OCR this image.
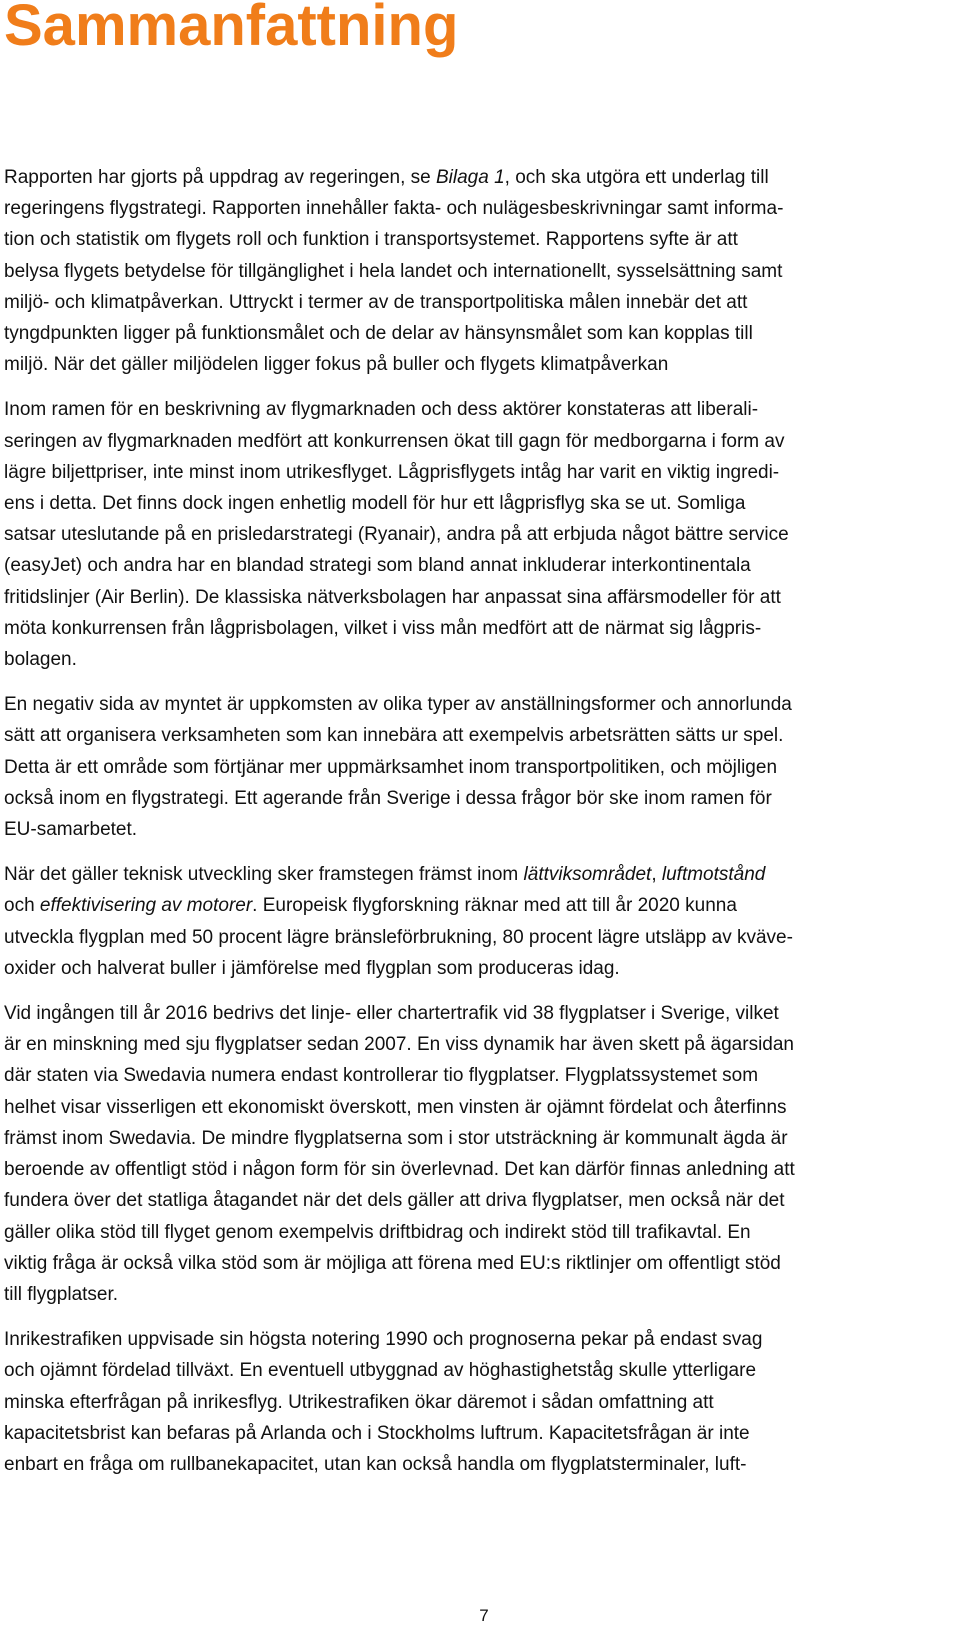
Sammanfattning

Rapporten har gjorts på uppdrag av regeringen, se Bilaga 1, och ska utgöra ett underlag till
regeringens flygstrategi. Rapporten innehåller fakta- och nulägesbeskrivningar samt informa-
tion och statistik om flygets roll och funktion i transportsystemet. Rapportens syfte är att
belysa flygets betydelse för tillgänglighet i hela landet och internationellt, sysselsättning samt
miljö- och klimatpåverkan. Uttryckt i termer av de transportpolitiska målen innebär det att
tyngdpunkten ligger på funktionsmålet och de delar av hänsynsmålet som kan kopplas till
miljö. När det gäller miljödelen ligger fokus på buller och flygets klimatpåverkan

Inom ramen för en beskrivning av flygmarknaden och dess aktörer konstateras att liberali-
seringen av flygmarknaden medfört att konkurrensen ökat till gagn för medborgarna i form av
lägre biljettpriser, inte minst inom utrikesflyget. Lågprisflygets intåg har varit en viktig ingredi-
ens i detta. Det finns dock ingen enhetlig modell för hur ett lågprisflyg ska se ut. Somliga
satsar uteslutande på en prisledarstrategi (Ryanair), andra på att erbjuda något bättre service
(easyJet) och andra har en blandad strategi som bland annat inkluderar interkontinentala
fritidslinjer (Air Berlin). De klassiska nätverksbolagen har anpassat sina affärsmodeller för att
möta konkurrensen från lågprisbolagen, vilket i viss mån medfört att de närmat sig lågpris-
bolagen.

En negativ sida av myntet är uppkomsten av olika typer av anställningsformer och annorlunda
sätt att organisera verksamheten som kan innebära att exempelvis arbetsrätten sätts ur spel.
Detta är ett område som förtjänar mer uppmärksamhet inom transportpolitiken, och möjligen
också inom en flygstrategi. Ett agerande från Sverige i dessa frågor bör ske inom ramen för
EU-samarbetet.

När det gäller teknisk utveckling sker framstegen främst inom lättviksområdet, luftmotstånd
och effektivisering av motorer. Europeisk flygforskning räknar med att till år 2020 kunna
utveckla flygplan med 50 procent lägre bränsleförbrukning, 80 procent lägre utsläpp av kväve-
oxider och halverat buller i jämförelse med flygplan som produceras idag.

Vid ingången till år 2016 bedrivs det linje- eller chartertrafik vid 38 flygplatser i Sverige, vilket
är en minskning med sju flygplatser sedan 2007. En viss dynamik har även skett på ägarsidan
där staten via Swedavia numera endast kontrollerar tio flygplatser. Flygplatssystemet som
helhet visar visserligen ett ekonomiskt överskott, men vinsten är ojämnt fördelat och återfinns
främst inom Swedavia. De mindre flygplatserna som i stor utsträckning är kommunalt ägda är
beroende av offentligt stöd i någon form för sin överlevnad. Det kan därför finnas anledning att
fundera över det statliga åtagandet när det dels gäller att driva flygplatser, men också när det
gäller olika stöd till flyget genom exempelvis driftbidrag och indirekt stöd till trafikavtal. En
viktig fråga är också vilka stöd som är möjliga att förena med EU:s riktlinjer om offentligt stöd
till flygplatser.

Inrikestrafiken uppvisade sin högsta notering 1990 och prognoserna pekar på endast svag
och ojämnt fördelad tillväxt. En eventuell utbyggnad av höghastighetståg skulle ytterligare
minska efterfrågan på inrikesflyg. Utrikestrafiken ökar däremot i sådan omfattning att
kapacitetsbrist kan befaras på Arlanda och i Stockholms luftrum. Kapacitetsfrågan är inte
enbart en fråga om rullbanekapacitet, utan kan också handla om flygplatsterminaler, luft-

7
